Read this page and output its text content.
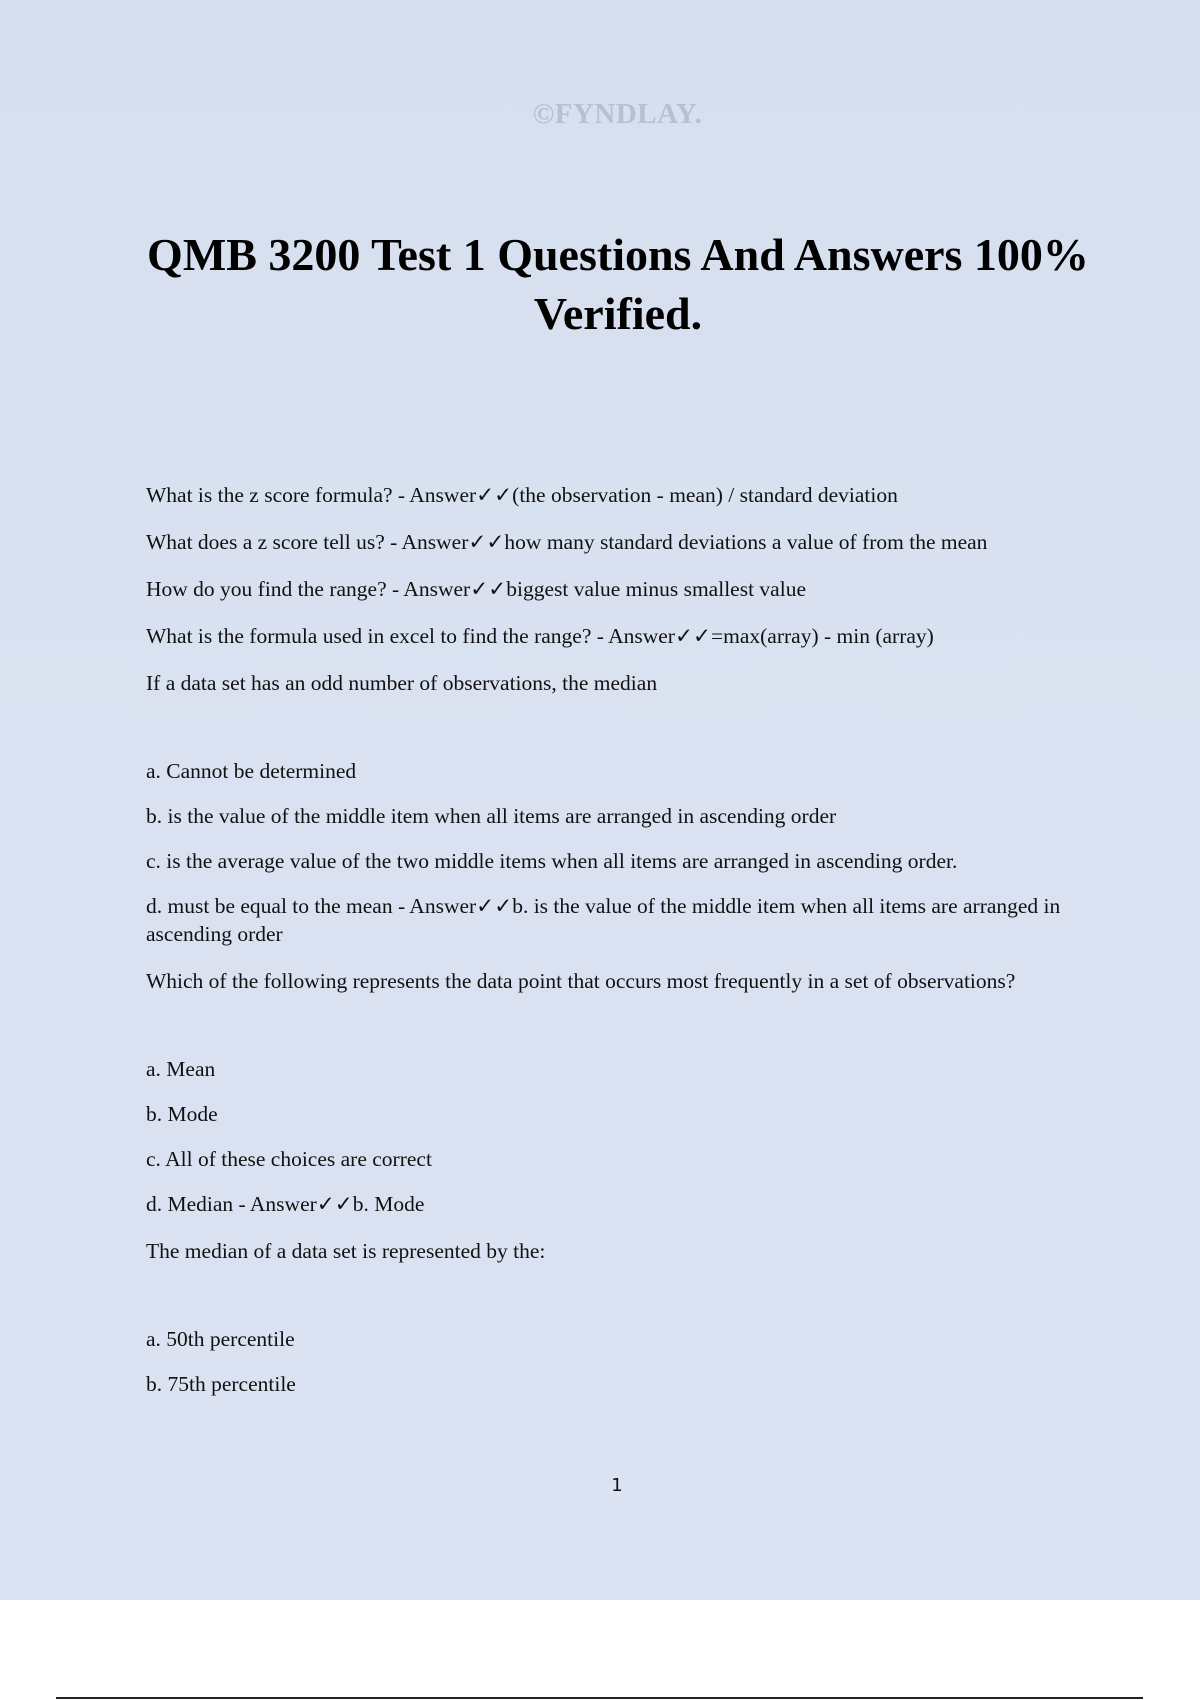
©FYNDLAY.
QMB 3200 Test 1 Questions And Answers 100% Verified.

What is the z score formula? - Answer✓✓(the observation - mean) / standard deviation

What does a z score tell us? - Answer✓✓how many standard deviations a value of from the mean

How do you find the range? - Answer✓✓biggest value minus smallest value

What is the formula used in excel to find the range? - Answer✓✓=max(array) - min (array)

If a data set has an odd number of observations, the median

a. Cannot be determined

b. is the value of the middle item when all items are arranged in ascending order

c. is the average value of the two middle items when all items are arranged in ascending order.

d. must be equal to the mean - Answer✓✓b. is the value of the middle item when all items are arranged in ascending order

Which of the following represents the data point that occurs most frequently in a set of observations?

a. Mean

b. Mode

c. All of these choices are correct

d. Median - Answer✓✓b. Mode

The median of a data set is represented by the:

a. 50th percentile

b. 75th percentile

1
